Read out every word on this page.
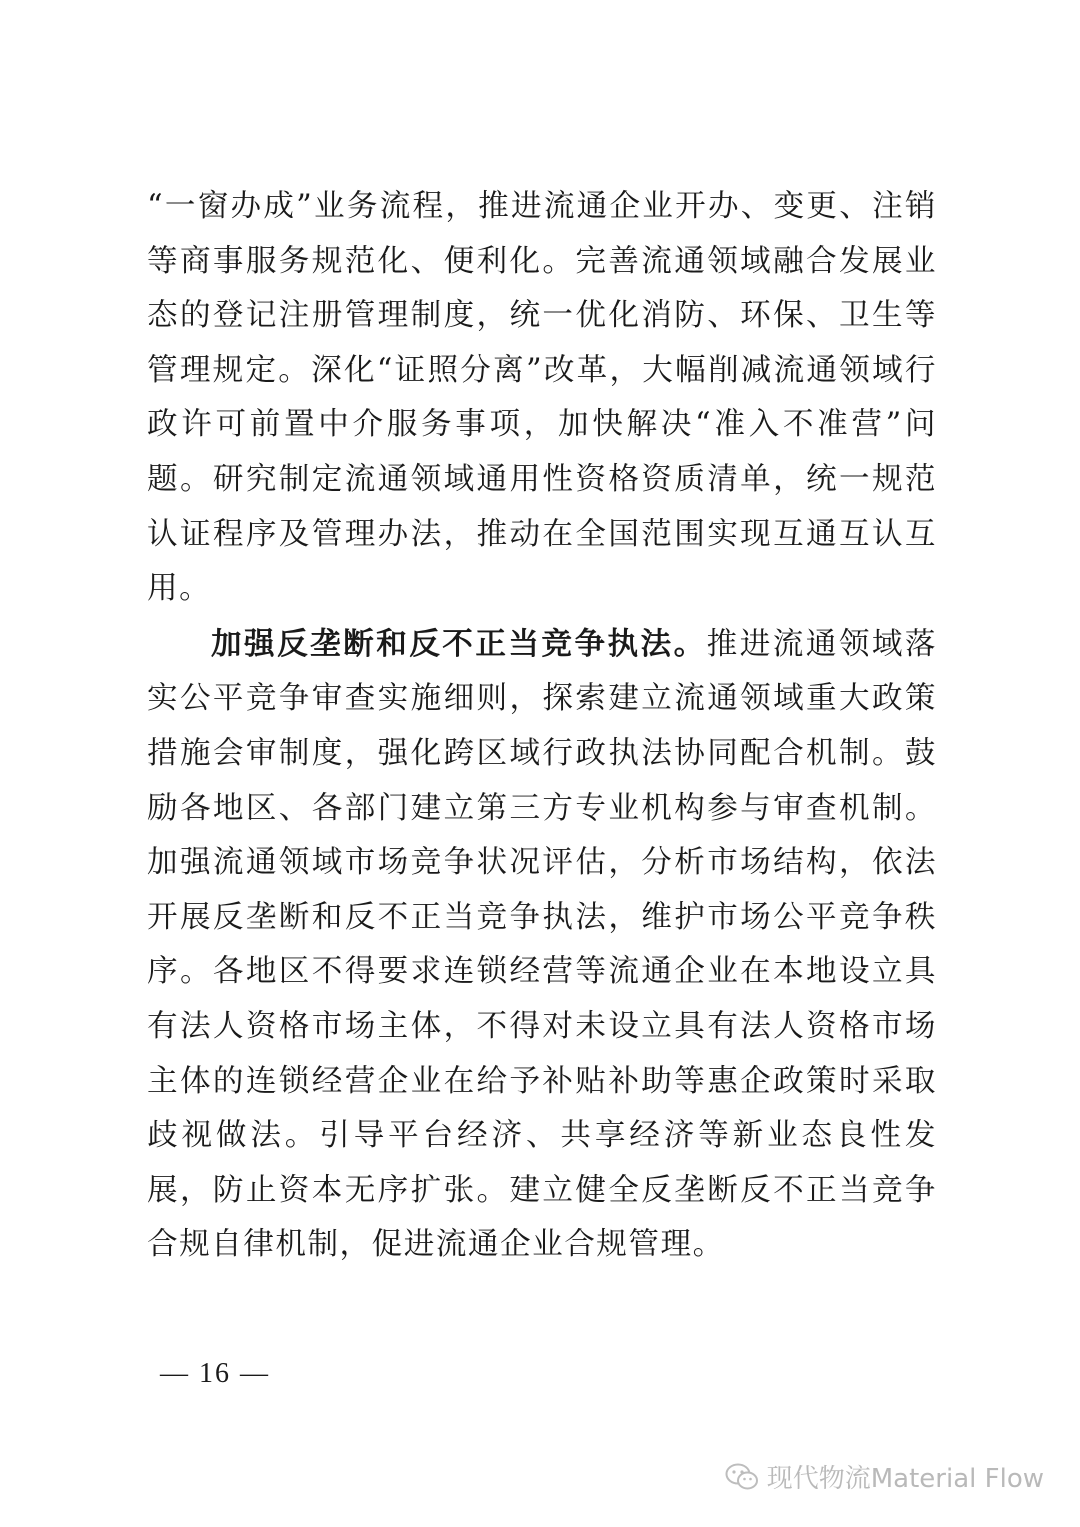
“一窗办成”业务流程，推进流通企业开办、变更、注销等商事服务规范化、便利化。完善流通领域融合发展业态的登记注册管理制度，统一优化消防、环保、卫生等管理规定。深化“证照分离”改革，大幅削减流通领域行政许可前置中介服务事项，加快解决“准入不准营”问题。研究制定流通领域通用性资格资质清单，统一规范认证程序及管理办法，推动在全国范围实现互通互认互用。

加强反垄断和反不正当竞争执法。推进流通领域落实公平竞争审查实施细则，探索建立流通领域重大政策措施会审制度，强化跨区域行政执法协同配合机制。鼓励各地区、各部门建立第三方专业机构参与审查机制。加强流通领域市场竞争状况评估，分析市场结构，依法开展反垄断和反不正当竞争执法，维护市场公平竞争秩序。各地区不得要求连锁经营等流通企业在本地设立具有法人资格市场主体，不得对未设立具有法人资格市场主体的连锁经营企业在给予补贴补助等惠企政策时采取歧视做法。引导平台经济、共享经济等新业态良性发展，防止资本无序扩张。建立健全反垄断反不正当竞争合规自律机制，促进流通企业合规管理。

— 16 —
现代物流Material Flow
